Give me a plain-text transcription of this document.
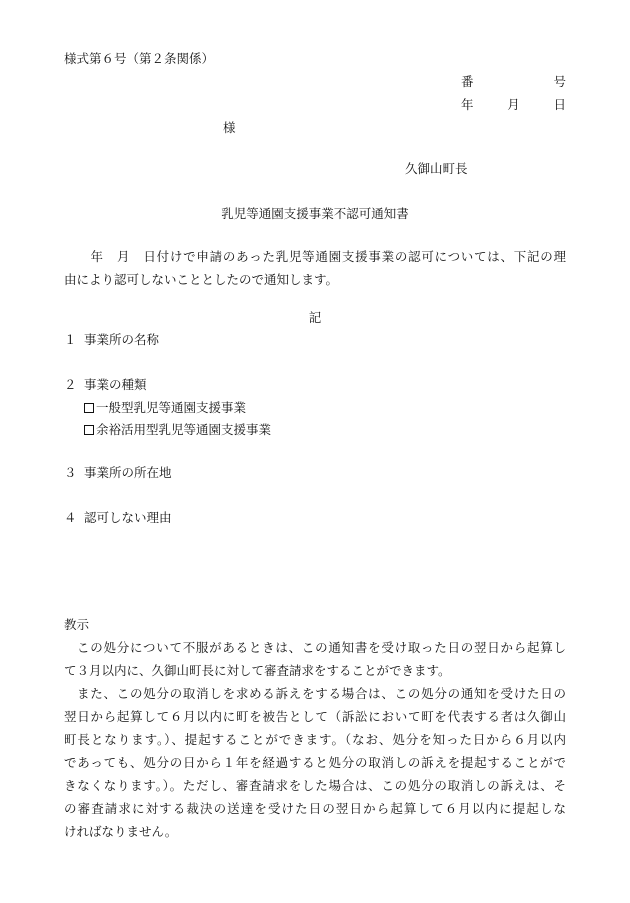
様式第６号（第２条関係）
番	号
年	月	日
様
久御山町長
乳児等通園支援事業不認可通知書
　　年　月　日付けで申請のあった乳児等通園支援事業の認可については、下記の理
由により認可しないこととしたので通知します。
記
１ 事業所の名称
２ 事業の種類
一般型乳児等通園支援事業
余裕活用型乳児等通園支援事業
３ 事業所の所在地
４ 認可しない理由
教示
この処分について不服があるときは、この通知書を受け取った日の翌日から起算し
て３月以内に、久御山町長に対して審査請求をすることができます。
また、この処分の取消しを求める訴えをする場合は、この処分の通知を受けた日の
翌日から起算して６月以内に町を被告として（訴訟において町を代表する者は久御山
町長となります。）、提起することができます。（なお、処分を知った日から６月以内
であっても、処分の日から１年を経過すると処分の取消しの訴えを提起することがで
きなくなります。）。ただし、審査請求をした場合は、この処分の取消しの訴えは、そ
の審査請求に対する裁決の送達を受けた日の翌日から起算して６月以内に提起しな
ければなりません。
